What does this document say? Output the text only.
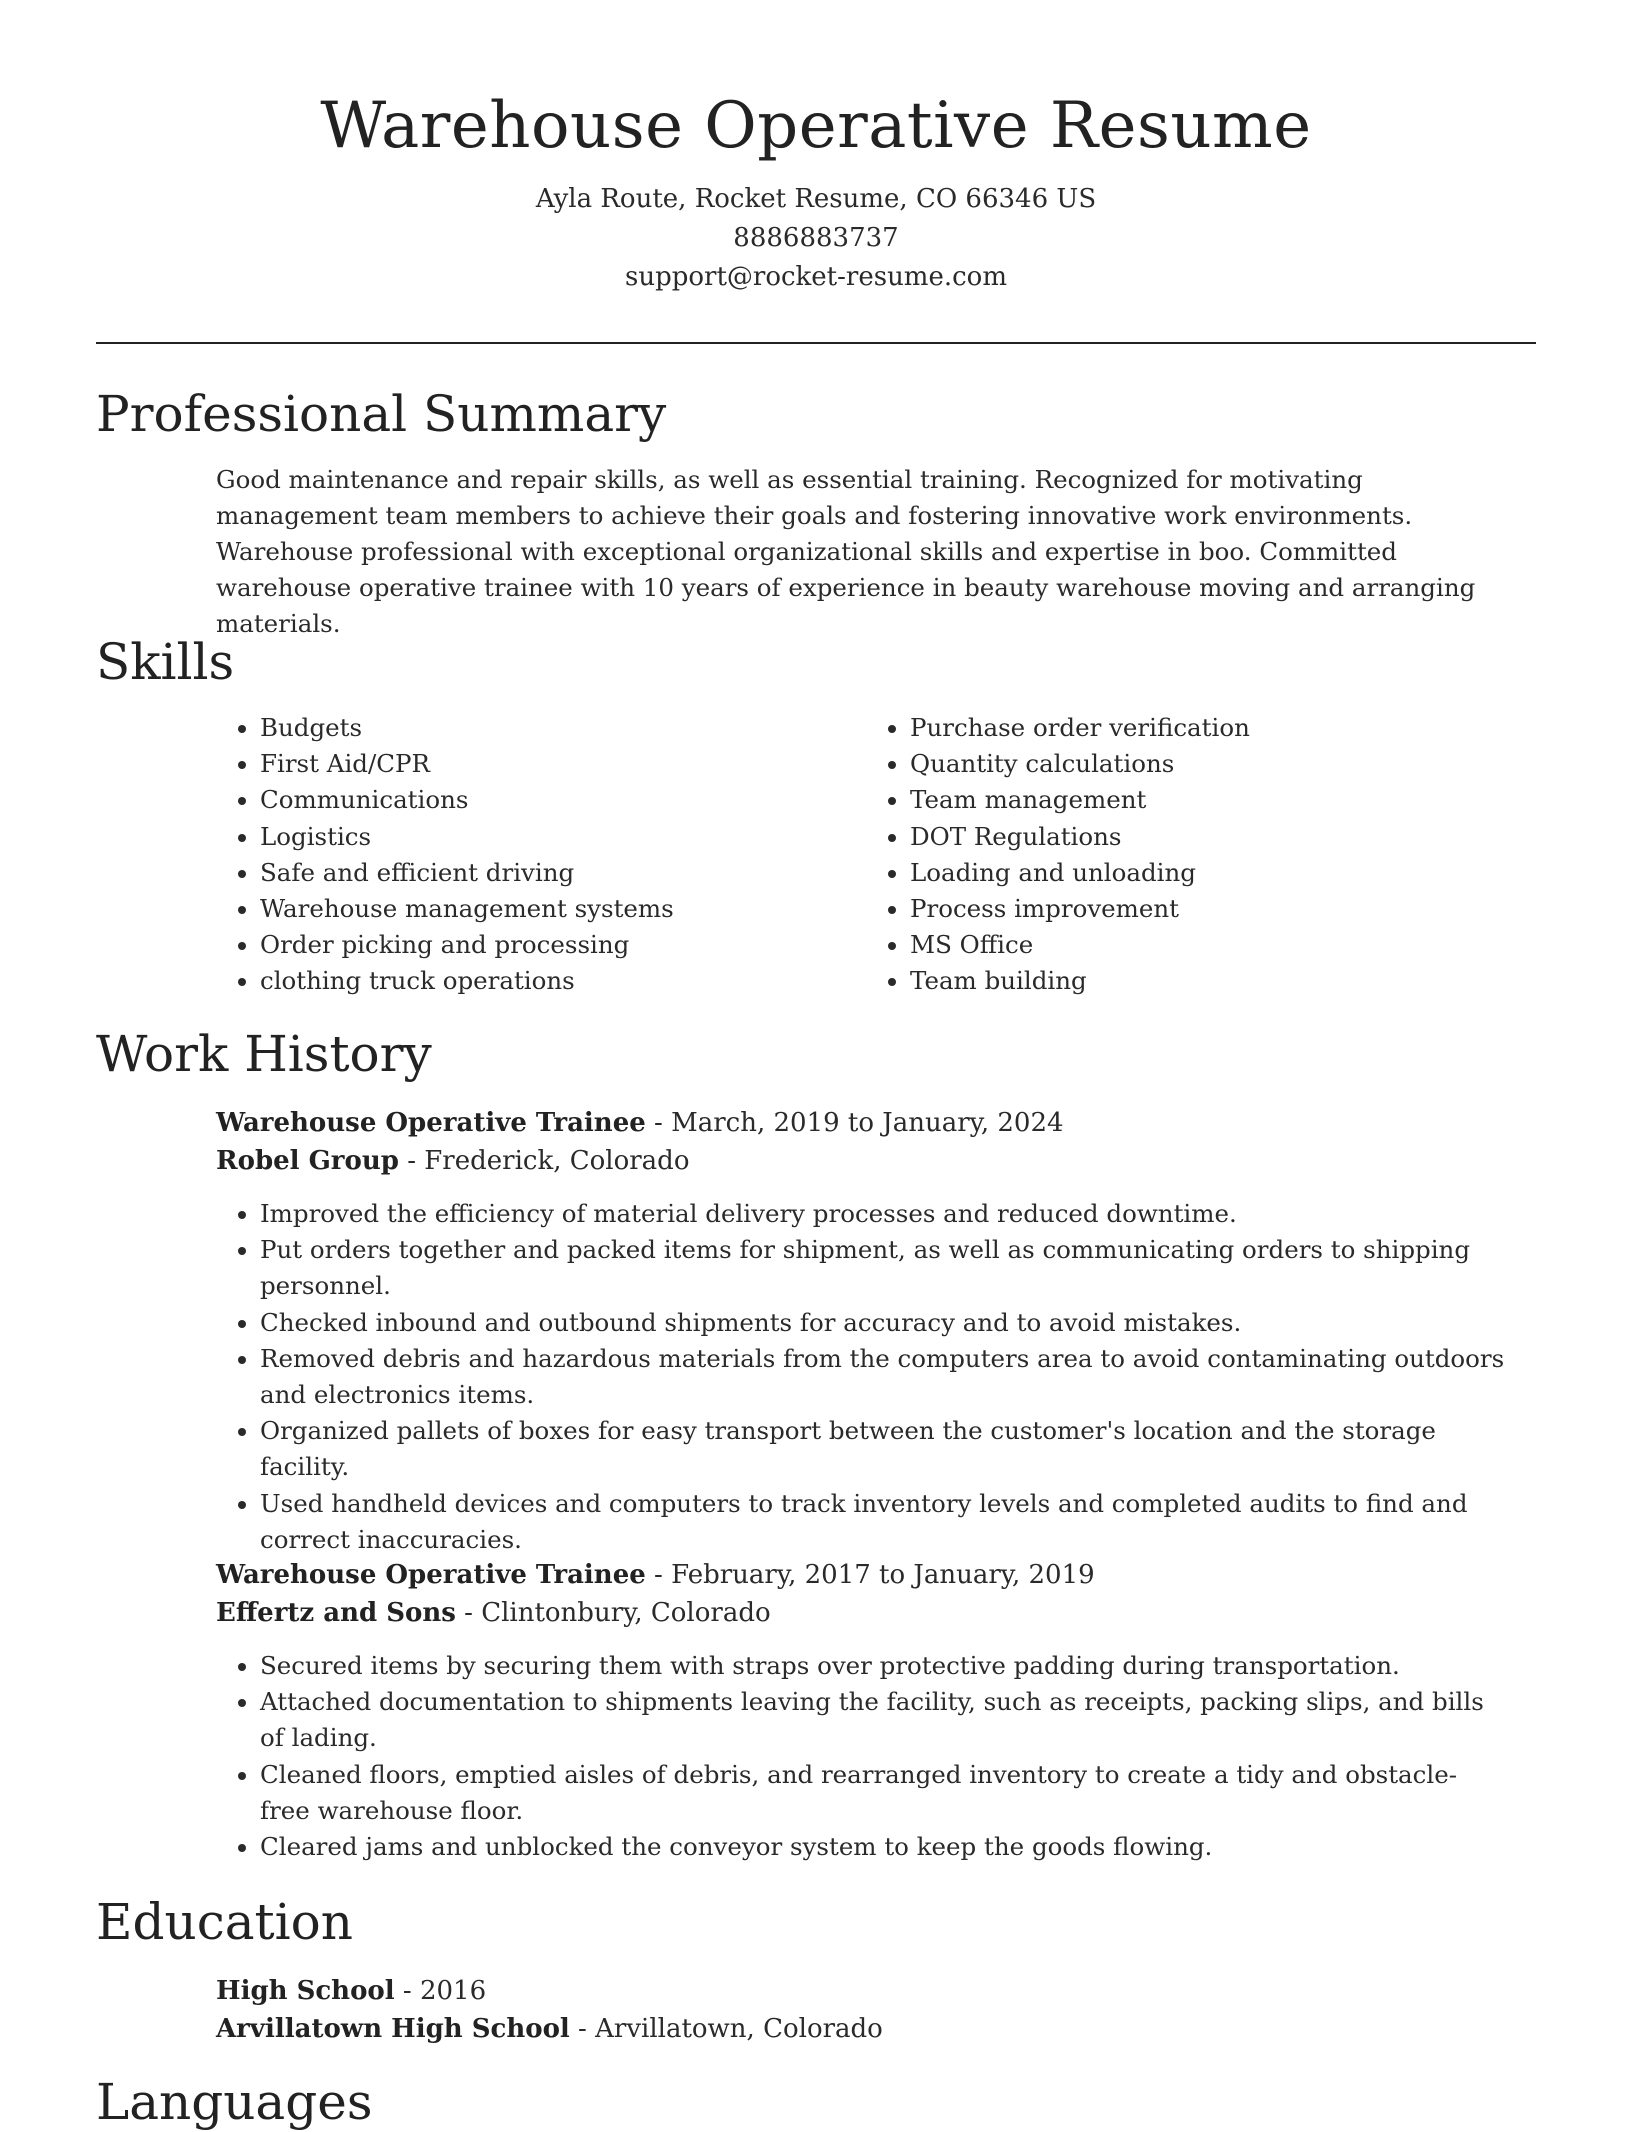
Warehouse Operative Resume
Ayla Route, Rocket Resume, CO 66346 US
8886883737
support@rocket-resume.com
Professional Summary

Good maintenance and repair skills, as well as essential training. Recognized for motivating management team members to achieve their goals and fostering innovative work environments. Warehouse professional with exceptional organizational skills and expertise in boo. Committed warehouse operative trainee with 10 years of experience in beauty warehouse moving and arranging materials.

Skills
• Budgets
• First Aid/CPR
• Communications
• Logistics
• Safe and efficient driving
• Warehouse management systems
• Order picking and processing
• clothing truck operations
• Purchase order verification
• Quantity calculations
• Team management
• DOT Regulations
• Loading and unloading
• Process improvement
• MS Office
• Team building
Work History
Warehouse Operative Trainee - March, 2019 to January, 2024
Robel Group - Frederick, Colorado
• Improved the efficiency of material delivery processes and reduced downtime.
• Put orders together and packed items for shipment, as well as communicating orders to shipping personnel.
• Checked inbound and outbound shipments for accuracy and to avoid mistakes.
• Removed debris and hazardous materials from the computers area to avoid contaminating outdoors and electronics items.
• Organized pallets of boxes for easy transport between the customer's location and the storage facility.
• Used handheld devices and computers to track inventory levels and completed audits to find and correct inaccuracies.
Warehouse Operative Trainee - February, 2017 to January, 2019
Effertz and Sons - Clintonbury, Colorado
• Secured items by securing them with straps over protective padding during transportation.
• Attached documentation to shipments leaving the facility, such as receipts, packing slips, and bills of lading.
• Cleaned floors, emptied aisles of debris, and rearranged inventory to create a tidy and obstacle-free warehouse floor.
• Cleared jams and unblocked the conveyor system to keep the goods flowing.
Education
High School - 2016
Arvillatown High School - Arvillatown, Colorado
Languages
